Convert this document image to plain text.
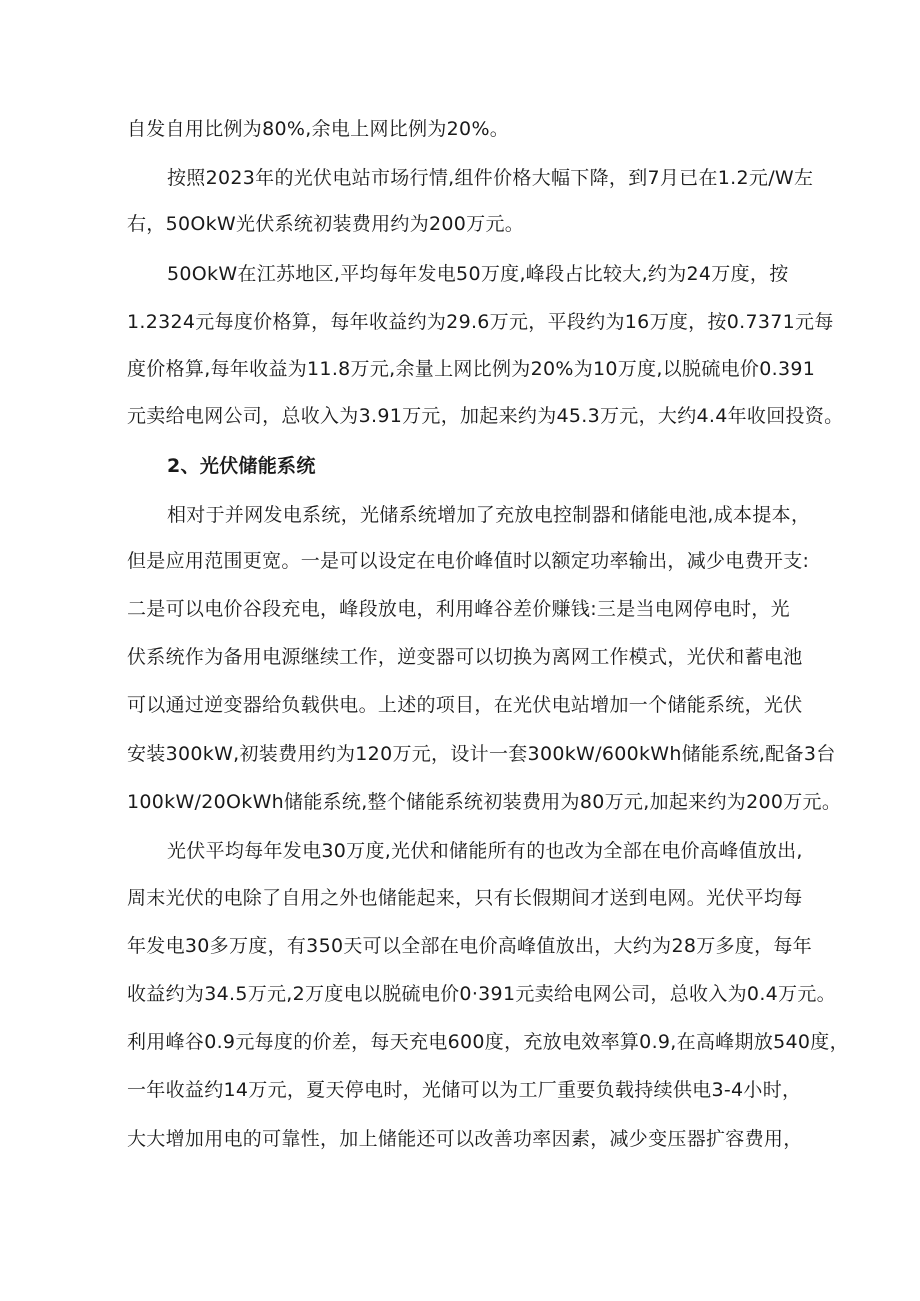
自发自用比例为80%,余电上网比例为20%。
按照2023年的光伏电站市场行情,组件价格大幅下降，到7月已在1.2元/W左
右，50OkW光伏系统初装费用约为200万元。
50OkW在江苏地区,平均每年发电50万度,峰段占比较大,约为24万度，按
1.2324元每度价格算，每年收益约为29.6万元，平段约为16万度，按0.7371元每
度价格算,每年收益为11.8万元,余量上网比例为20%为10万度,以脱硫电价0.391
元卖给电网公司，总收入为3.91万元，加起来约为45.3万元，大约4.4年收回投资。
2、光伏储能系统
相对于并网发电系统，光储系统增加了充放电控制器和储能电池,成本提本，
但是应用范围更宽。一是可以设定在电价峰值时以额定功率输出，减少电费开支:
二是可以电价谷段充电，峰段放电，利用峰谷差价赚钱:三是当电网停电时，光
伏系统作为备用电源继续工作，逆变器可以切换为离网工作模式，光伏和蓄电池
可以通过逆变器给负载供电。上述的项目，在光伏电站增加一个储能系统，光伏
安装300kW,初装费用约为120万元，设计一套300kW/600kWh储能系统,配备3台
100kW/20OkWh储能系统,整个储能系统初装费用为80万元,加起来约为200万元。
光伏平均每年发电30万度,光伏和储能所有的也改为全部在电价高峰值放出,
周末光伏的电除了自用之外也储能起来，只有长假期间才送到电网。光伏平均每
年发电30多万度，有350天可以全部在电价高峰值放出，大约为28万多度，每年
收益约为34.5万元,2万度电以脱硫电价0·391元卖给电网公司，总收入为0.4万元。
利用峰谷0.9元每度的价差，每天充电600度，充放电效率算0.9,在高峰期放540度，
一年收益约14万元，夏天停电时，光储可以为工厂重要负载持续供电3-4小时，
大大增加用电的可靠性，加上储能还可以改善功率因素，减少变压器扩容费用，
